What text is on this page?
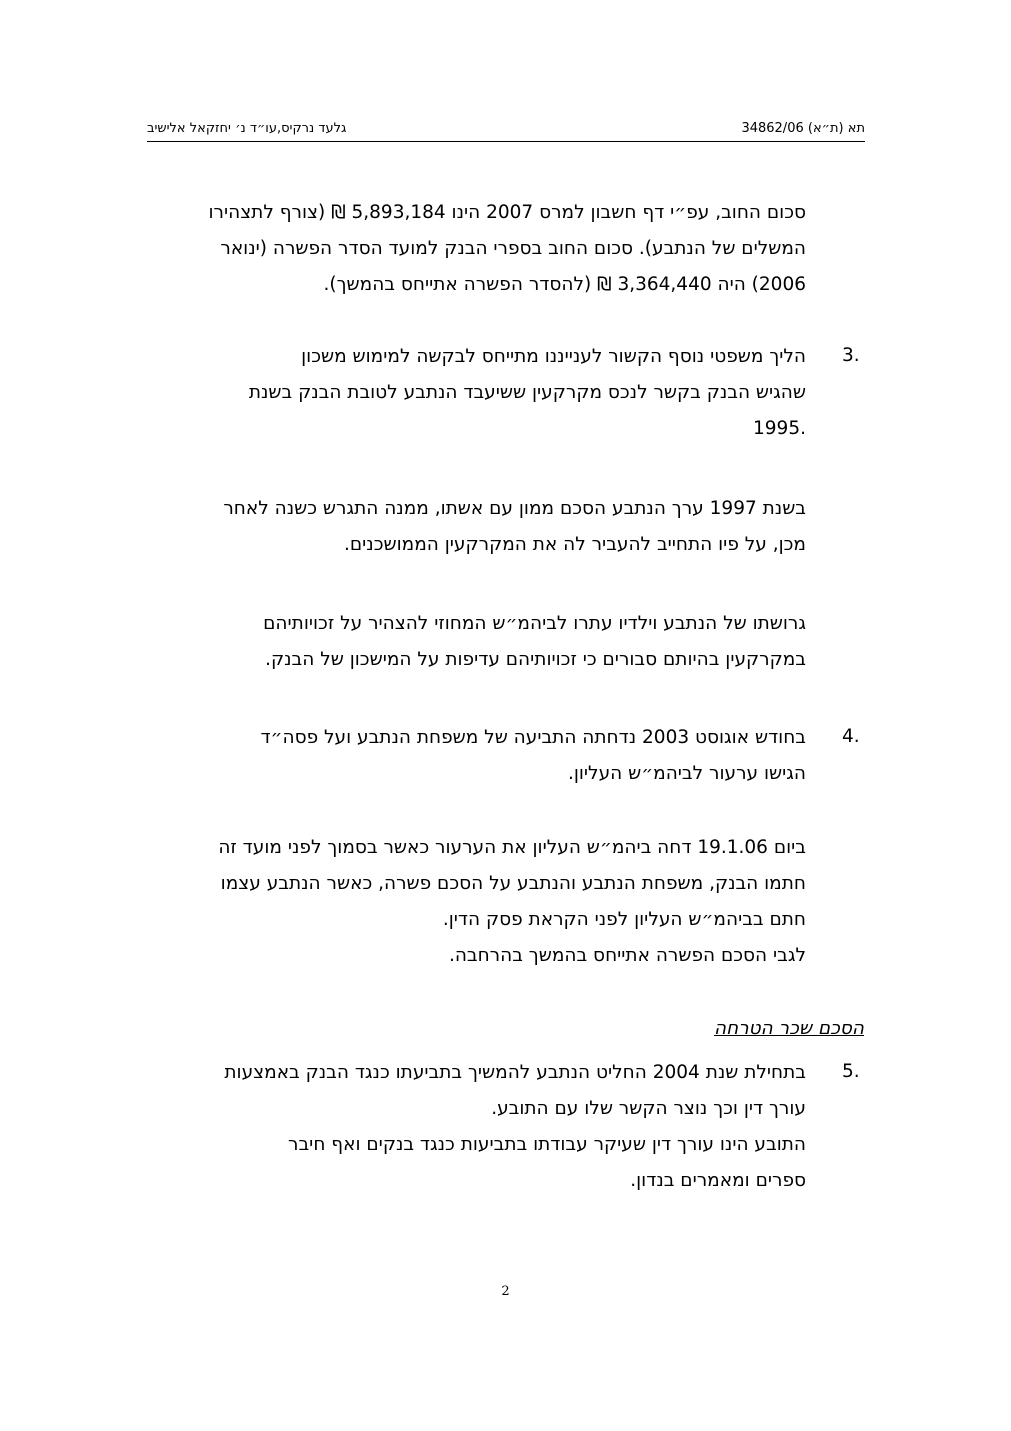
תא (ת״א) 34862/06
גלעד נרקיס,עו״ד נ׳ יחזקאל אלישיב
סכום החוב, עפ״י דף חשבון למרס 2007 הינו 5,893,184 ₪ (צורף לתצהירו
המשלים של הנתבע). סכום החוב בספרי הבנק למועד הסדר הפשרה (ינואר
2006) היה 3,364,440 ₪ (להסדר הפשרה אתייחס בהמשך).
3.
הליך משפטי נוסף הקשור לענייננו מתייחס לבקשה למימוש משכון
שהגיש הבנק בקשר לנכס מקרקעין ששיעבד הנתבע לטובת הבנק בשנת
.1995
בשנת 1997 ערך הנתבע הסכם ממון עם אשתו, ממנה התגרש כשנה לאחר
מכן, על פיו התחייב להעביר לה את המקרקעין הממושכנים.
גרושתו של הנתבע וילדיו עתרו לביהמ״ש המחוזי להצהיר על זכויותיהם
במקרקעין בהיותם סבורים כי זכויותיהם עדיפות על המישכון של הבנק.
4.
בחודש אוגוסט 2003 נדחתה התביעה של משפחת הנתבע ועל פסה״ד
הגישו ערעור לביהמ״ש העליון.
ביום 19.1.06 דחה ביהמ״ש העליון את הערעור כאשר בסמוך לפני מועד זה
חתמו הבנק, משפחת הנתבע והנתבע על הסכם פשרה, כאשר הנתבע עצמו
חתם בביהמ״ש העליון לפני הקראת פסק הדין.
לגבי הסכם הפשרה אתייחס בהמשך בהרחבה.
הסכם שכר הטרחה
5.
בתחילת שנת 2004 החליט הנתבע להמשיך בתביעתו כנגד הבנק באמצעות
עורך דין וכך נוצר הקשר שלו עם התובע.
התובע הינו עורך דין שעיקר עבודתו בתביעות כנגד בנקים ואף חיבר
ספרים ומאמרים בנדון.
2
